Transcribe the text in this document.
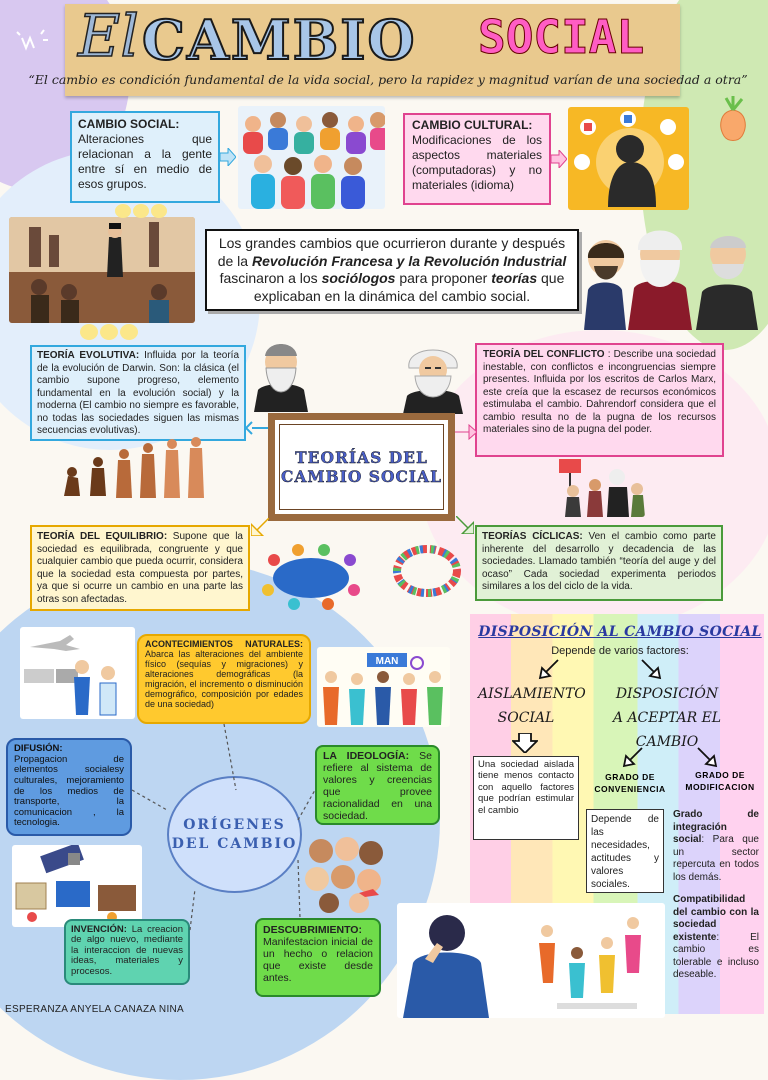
El CAMBIO SOCIAL
“El cambio es condición fundamental de la vida social, pero la rapidez y magnitud varían de una sociedad a otra”
CAMBIO SOCIAL:
Alteraciones que relacionan a la gente entre sí en medio de esos grupos.
CAMBIO CULTURAL:
Modificaciones de los aspectos materiales (computadoras) y no materiales (idioma)
Los grandes cambios que ocurrieron durante y después de la Revolución Francesa y la Revolución Industrial fascinaron a los sociólogos para proponer teorías que explicaban en la dinámica del cambio social.
TEORÍA EVOLUTIVA: Influida por la teoría de la evolución de Darwin. Son: la clásica (el cambio supone progreso, elemento fundamental en la evolución social) y la moderna (El cambio no siempre es favorable, no todas las sociedades siguen las mismas secuencias evolutivas).
TEORÍA DEL CONFLICTO : Describe una sociedad inestable, con conflictos e incongruencias siempre presentes. Influida por los escritos de Carlos Marx, este creía que la escasez de recursos económicos estimulaba el cambio. Dahrendorf considera que el cambio resulta no de la pugna de los recursos materiales sino de la pugna del poder.
TEORÍAS DEL CAMBIO SOCIAL
TEORÍA DEL EQUILIBRIO: Supone que la sociedad es equilibrada, congruente y que cualquier cambio que pueda ocurrir, considera que la sociedad esta compuesta por partes, ya que si ocurre un cambio en una parte las otras son afectadas.
TEORÍAS CÍCLICAS: Ven el cambio como parte inherente del desarrollo y decadencia de las sociedades. Llamado también “teoría del auge y del ocaso” Cada sociedad experimenta periodos similares a los del ciclo de la vida.
DISPOSICIÓN AL CAMBIO SOCIAL
Depende de varios factores:
AISLAMIENTO SOCIAL
DISPOSICIÓN A ACEPTAR EL CAMBIO
GRADO DE CONVENIENCIA
GRADO DE MODIFICACION
Una sociedad aislada tiene menos contacto con aquello factores que podrían estimular el cambio
Depende de las necesidades, actitudes y valores sociales.
Grado de integración social: Para que un sector repercuta en todos los demás.
Compatibilidad del cambio con la sociedad existente: El cambio es tolerable e incluso deseable.
ACONTECIMIENTOS NATURALES: Abarca las alteraciones del ambiente físico (sequías y migraciones) y alteraciones demográficas (la migración, el incremento o disminución demográfico, composición por edades de una sociedad)
MAN
DIFUSIÓN:
Propagacion de elementos socialesy culturales, mejoramiento de los medios de transporte, la comunicacion , la tecnologia.	ORÍGENES DEL CAMBIO
LA IDEOLOGÍA: Se refiere al sistema de valores y creencias que provee racionalidad en una sociedad.
INVENCIÓN: La creacion de algo nuevo, mediante la interaccion de nuevas ideas, materiales y procesos.
DESCUBRIMIENTO: Manifestacion inicial de un hecho o relacion que existe desde antes.
ESPERANZA ANYELA CANAZA NINA
